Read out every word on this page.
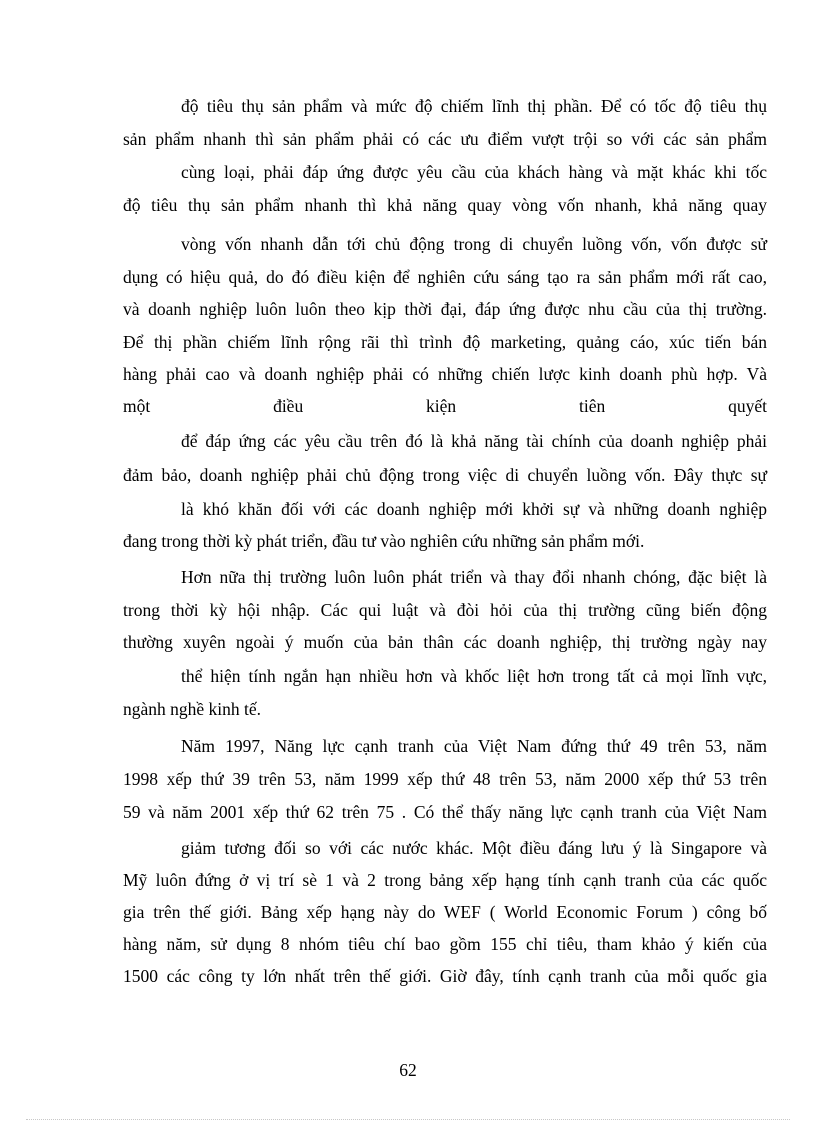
độ tiêu thụ sản phẩm và mức độ chiếm lĩnh thị phần. Để có tốc độ tiêu thụ

sản phẩm nhanh thì sản phẩm phải có các ưu điểm vượt trội so với các sản phẩm

cùng loại, phải đáp ứng được yêu cầu của khách hàng và mặt khác khi tốc

độ tiêu thụ sản phẩm nhanh thì khả năng quay vòng vốn nhanh, khả năng quay

vòng vốn nhanh dẫn tới chủ động trong di chuyển luồng vốn, vốn được sử

dụng có hiệu quả, do đó điều kiện để nghiên cứu sáng tạo ra sản phẩm mới rất cao,

và doanh nghiệp luôn luôn theo kịp thời đại, đáp ứng được nhu cầu của thị trường.

Để thị phần chiếm lĩnh rộng rãi thì trình độ marketing, quảng cáo, xúc tiến bán

hàng phải cao và doanh nghiệp phải có những chiến lược kinh doanh phù hợp. Và

một điều kiện tiên quyết

để đáp ứng các yêu cầu trên đó là khả năng tài chính của doanh nghiệp phải

đảm bảo, doanh nghiệp phải chủ động trong việc di chuyển luồng vốn. Đây thực sự

là khó khăn đối với các doanh nghiệp mới khởi sự và những doanh nghiệp

đang trong thời kỳ phát triển, đầu tư vào nghiên cứu những sản phẩm mới.

Hơn nữa thị trường luôn luôn phát triển và thay đổi nhanh chóng, đặc biệt là

trong thời kỳ hội nhập. Các qui luật và đòi hỏi của thị trường cũng biến động

thường xuyên ngoài ý muốn của bản thân các doanh nghiệp, thị trường ngày nay

thể hiện tính ngắn hạn nhiều hơn và khốc liệt hơn trong tất cả mọi lĩnh vực,

ngành nghề kinh tế.

Năm 1997, Năng lực cạnh tranh của Việt Nam đứng thứ 49 trên 53, năm

1998 xếp thứ 39 trên 53, năm 1999 xếp thứ 48 trên 53, năm 2000 xếp thứ 53 trên

59 và năm 2001 xếp thứ 62 trên 75 . Có thể thấy năng lực cạnh tranh của Việt Nam

giảm tương đối so với các nước khác. Một điều đáng lưu ý là Singapore và

Mỹ luôn đứng ở vị trí sè 1 và 2 trong bảng xếp hạng tính cạnh tranh của các quốc

gia trên thế giới. Bảng xếp hạng này do WEF ( World Economic Forum ) công bố

hàng năm, sử dụng 8 nhóm tiêu chí bao gồm 155 chỉ tiêu, tham khảo ý kiến của

1500 các công ty lớn nhất trên thế giới. Giờ đây, tính cạnh tranh của mỗi quốc gia

62
